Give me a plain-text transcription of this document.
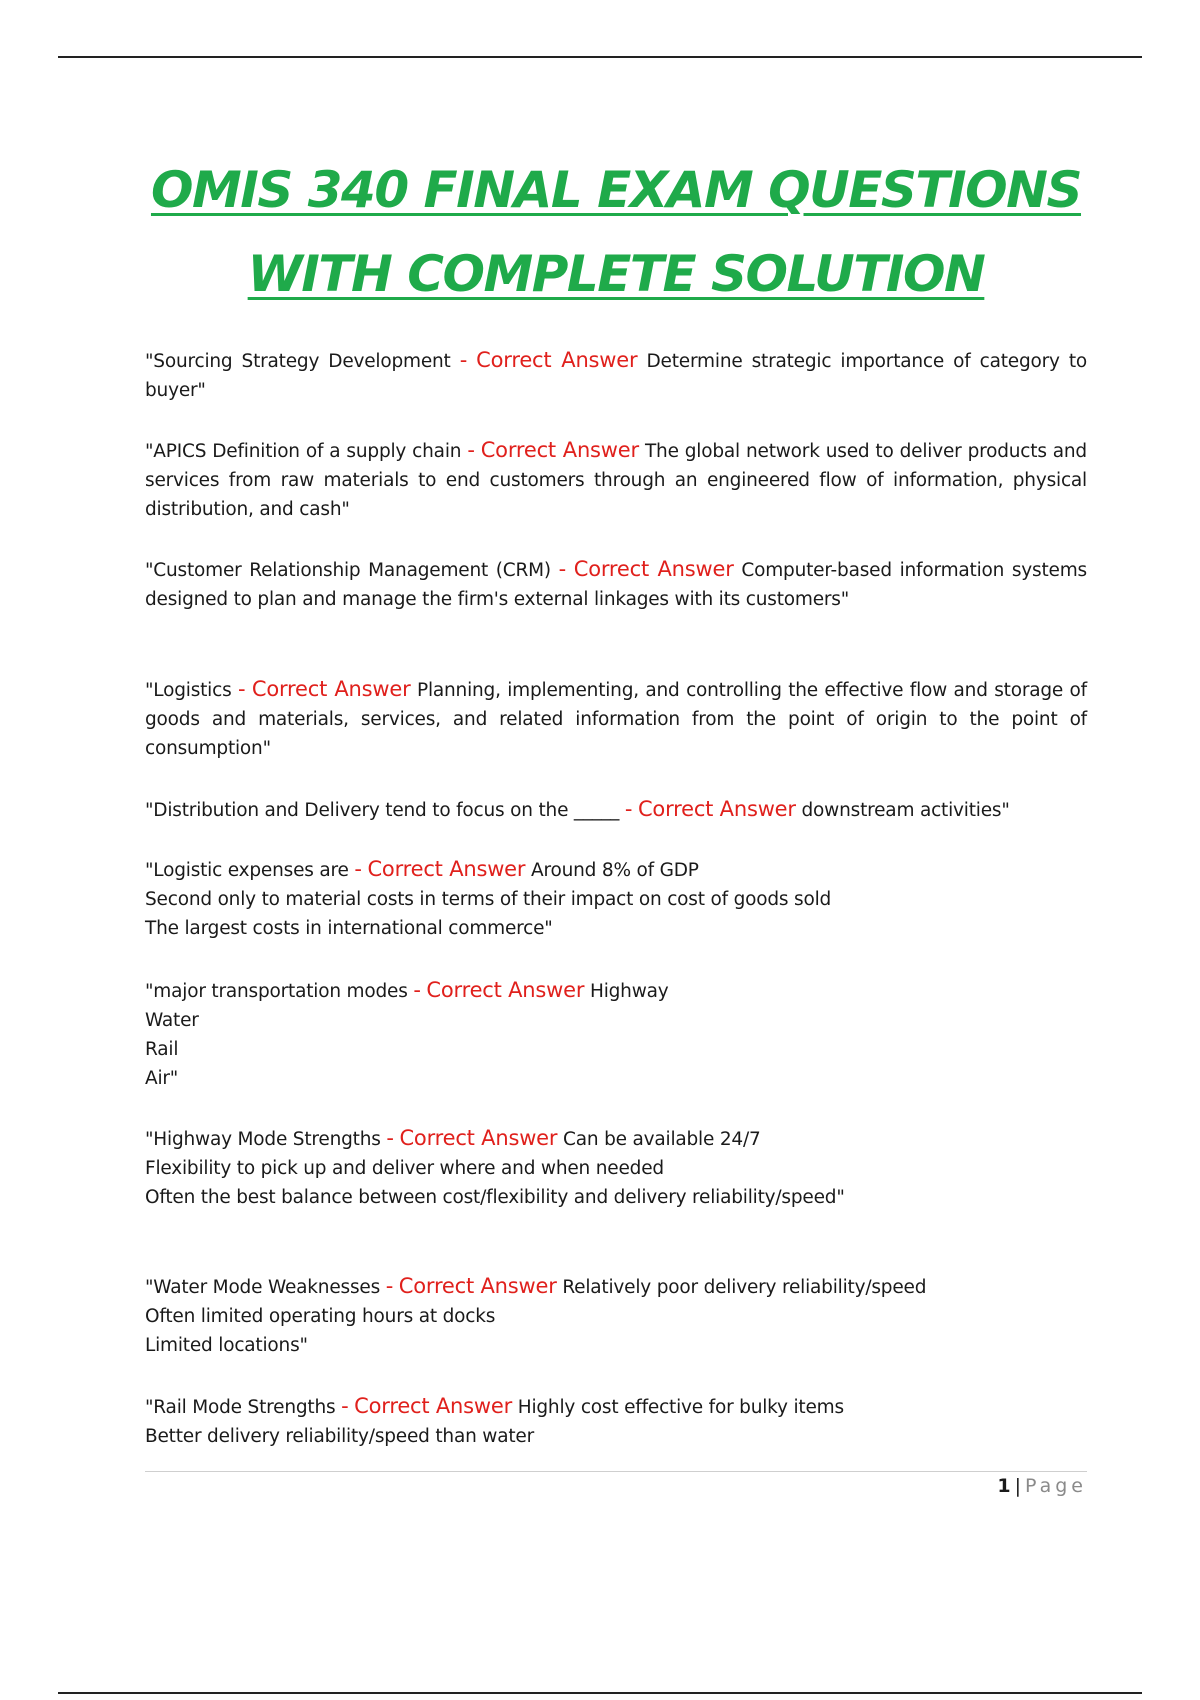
OMIS 340 FINAL EXAM QUESTIONS
WITH COMPLETE SOLUTION
"Sourcing Strategy Development - Correct Answer Determine strategic importance of category to buyer"
"APICS Definition of a supply chain - Correct Answer The global network used to deliver products and services from raw materials to end customers through an engineered flow of information, physical distribution, and cash"
"Customer Relationship Management (CRM) - Correct Answer Computer-based information systems designed to plan and manage the firm's external linkages with its customers"
"Logistics - Correct Answer Planning, implementing, and controlling the effective flow and storage of goods and materials, services, and related information from the point of origin to the point of consumption"
"Distribution and Delivery tend to focus on the _____ - Correct Answer downstream activities"
"Logistic expenses are - Correct Answer Around 8% of GDP
Second only to material costs in terms of their impact on cost of goods sold
The largest costs in international commerce"
"major transportation modes - Correct Answer Highway
Water
Rail
Air"
"Highway Mode Strengths - Correct Answer Can be available 24/7
Flexibility to pick up and deliver where and when needed
Often the best balance between cost/flexibility and delivery reliability/speed"
"Water Mode Weaknesses - Correct Answer Relatively poor delivery reliability/speed
Often limited operating hours at docks
Limited locations"
"Rail Mode Strengths - Correct Answer Highly cost effective for bulky items
Better delivery reliability/speed than water
1 | Page
